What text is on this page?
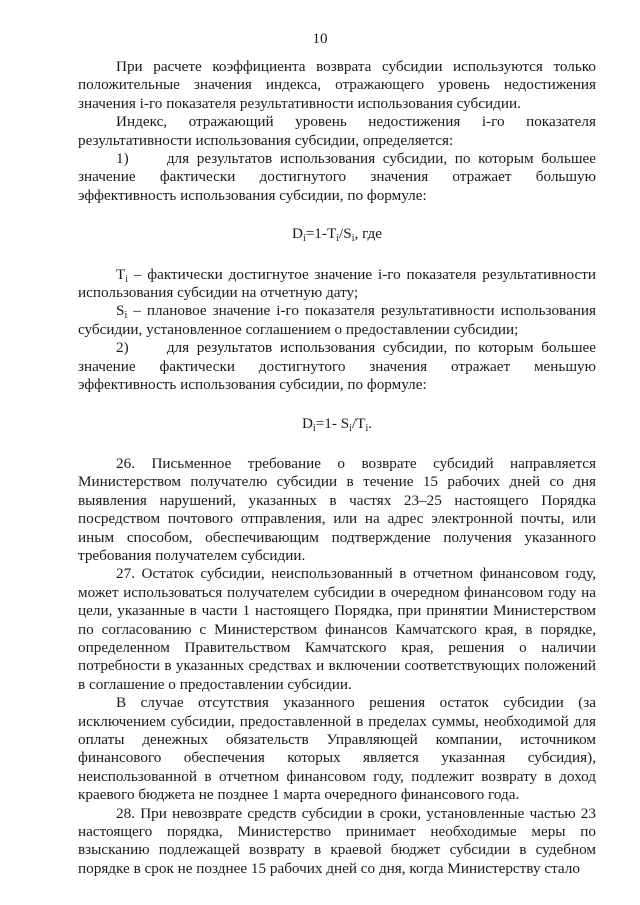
10

При расчете коэффициента возврата субсидии используются только положительные значения индекса, отражающего уровень недостижения значения i-го показателя результативности использования субсидии.

Индекс, отражающий уровень недостижения i-го показателя результативности использования субсидии, определяется:

1)     для результатов использования субсидии, по которым большее значение фактически достигнутого значения отражает большую эффективность использования субсидии, по формуле:

$D_i=1-T_i/S_i$, где

$T_i$ – фактически достигнутое значение i-го показателя результативности использования субсидии на отчетную дату;

$S_i$ – плановое значение i-го показателя результативности использования субсидии, установленное соглашением о предоставлении субсидии;

2)     для результатов использования субсидии, по которым большее значение фактически достигнутого значения отражает меньшую эффективность использования субсидии, по формуле:

$D_i=1-$ $S_i/T_i$.

26. Письменное требование о возврате субсидий направляется Министерством получателю субсидии в течение 15 рабочих дней со дня выявления нарушений, указанных в частях 23–25 настоящего Порядка посредством почтового отправления, или на адрес электронной почты, или иным способом, обеспечивающим подтверждение получения указанного требования получателем субсидии.

27. Остаток субсидии, неиспользованный в отчетном финансовом году, может использоваться получателем субсидии в очередном финансовом году на цели, указанные в части 1 настоящего Порядка, при принятии Министерством по согласованию с Министерством финансов Камчатского края, в порядке, определенном Правительством Камчатского края, решения о наличии потребности в указанных средствах и включении соответствующих положений в соглашение о предоставлении субсидии.

В случае отсутствия указанного решения остаток субсидии (за исключением субсидии, предоставленной в пределах суммы, необходимой для оплаты денежных обязательств Управляющей компании, источником финансового обеспечения которых является указанная субсидия), неиспользованной в отчетном финансовом году, подлежит возврату в доход краевого бюджета не позднее 1 марта очередного финансового года.

28. При невозврате средств субсидии в сроки, установленные частью 23 настоящего порядка, Министерство принимает необходимые меры по взысканию подлежащей возврату в краевой бюджет субсидии в судебном порядке в срок не позднее 15 рабочих дней со дня, когда Министерству стало
